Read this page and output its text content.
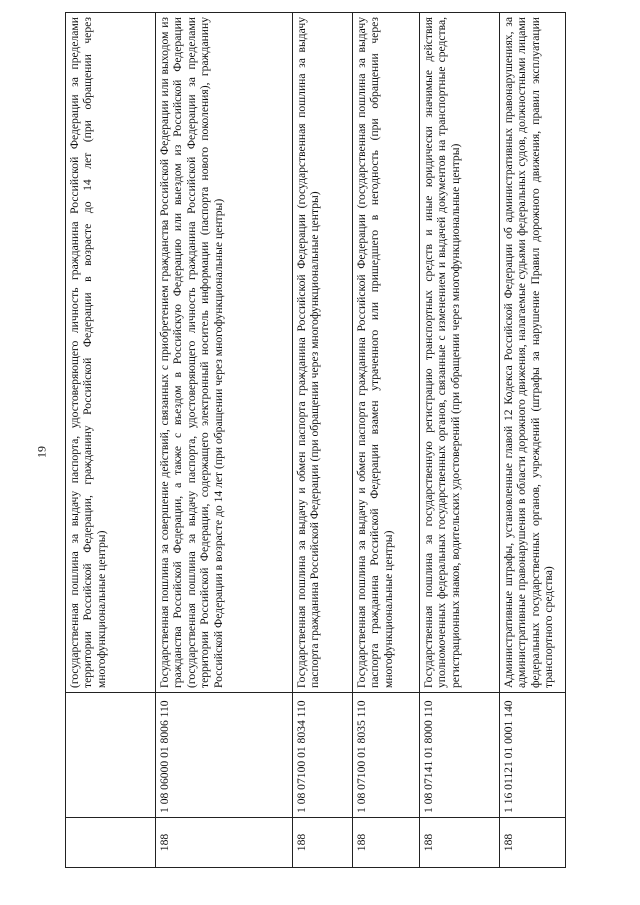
19
		(государственная пошлина за выдачу паспорта, удостоверяющего личность гражданина Российской Федерации за пределами территории Российской Федерации, гражданину Российской Федерации в возрасте до 14 лет (при обращении через многофункциональные центры)
188	1 08 06000 01 8006 110	Государственная пошлина за совершение действий, связанных с приобретением гражданства Российской Федерации или выходом из гражданства Российской Федерации, а также с въездом в Российскую Федерацию или выездом из Российской Федерации (государственная пошлина за выдачу паспорта, удостоверяющего личность гражданина Российской Федерации за пределами территории Российской Федерации, содержащего электронный носитель информации (паспорта нового поколения), гражданину Российской Федерации в возрасте до 14 лет (при обращении через многофункциональные центры)
188	1 08 07100 01 8034 110	Государственная пошлина за выдачу и обмен паспорта гражданина Российской Федерации (государственная пошлина за выдачу паспорта гражданина Российской Федерации (при обращении через многофункциональные центры)
188	1 08 07100 01 8035 110	Государственная пошлина за выдачу и обмен паспорта гражданина Российской Федерации (государственная пошлина за выдачу паспорта гражданина Российской Федерации взамен утраченного или пришедшего в негодность (при обращении через многофункциональные центры)
188	1 08 07141 01 8000 110	Государственная пошлина за государственную регистрацию транспортных средств и иные юридически значимые действия уполномоченных федеральных государственных органов, связанные с изменением и выдачей документов на транспортные средства, регистрационных знаков, водительских удостоверений (при обращении через многофункциональные центры)
188	1 16 01121 01 0001 140	Административные штрафы, установленные главой 12 Кодекса Российской Федерации об административных правонарушениях, за административные правонарушения в области дорожного движения, налагаемые судьями федеральных судов, должностными лицами федеральных государственных органов, учреждений (штрафы за нарушение Правил дорожного движения, правил эксплуатации транспортного средства)
